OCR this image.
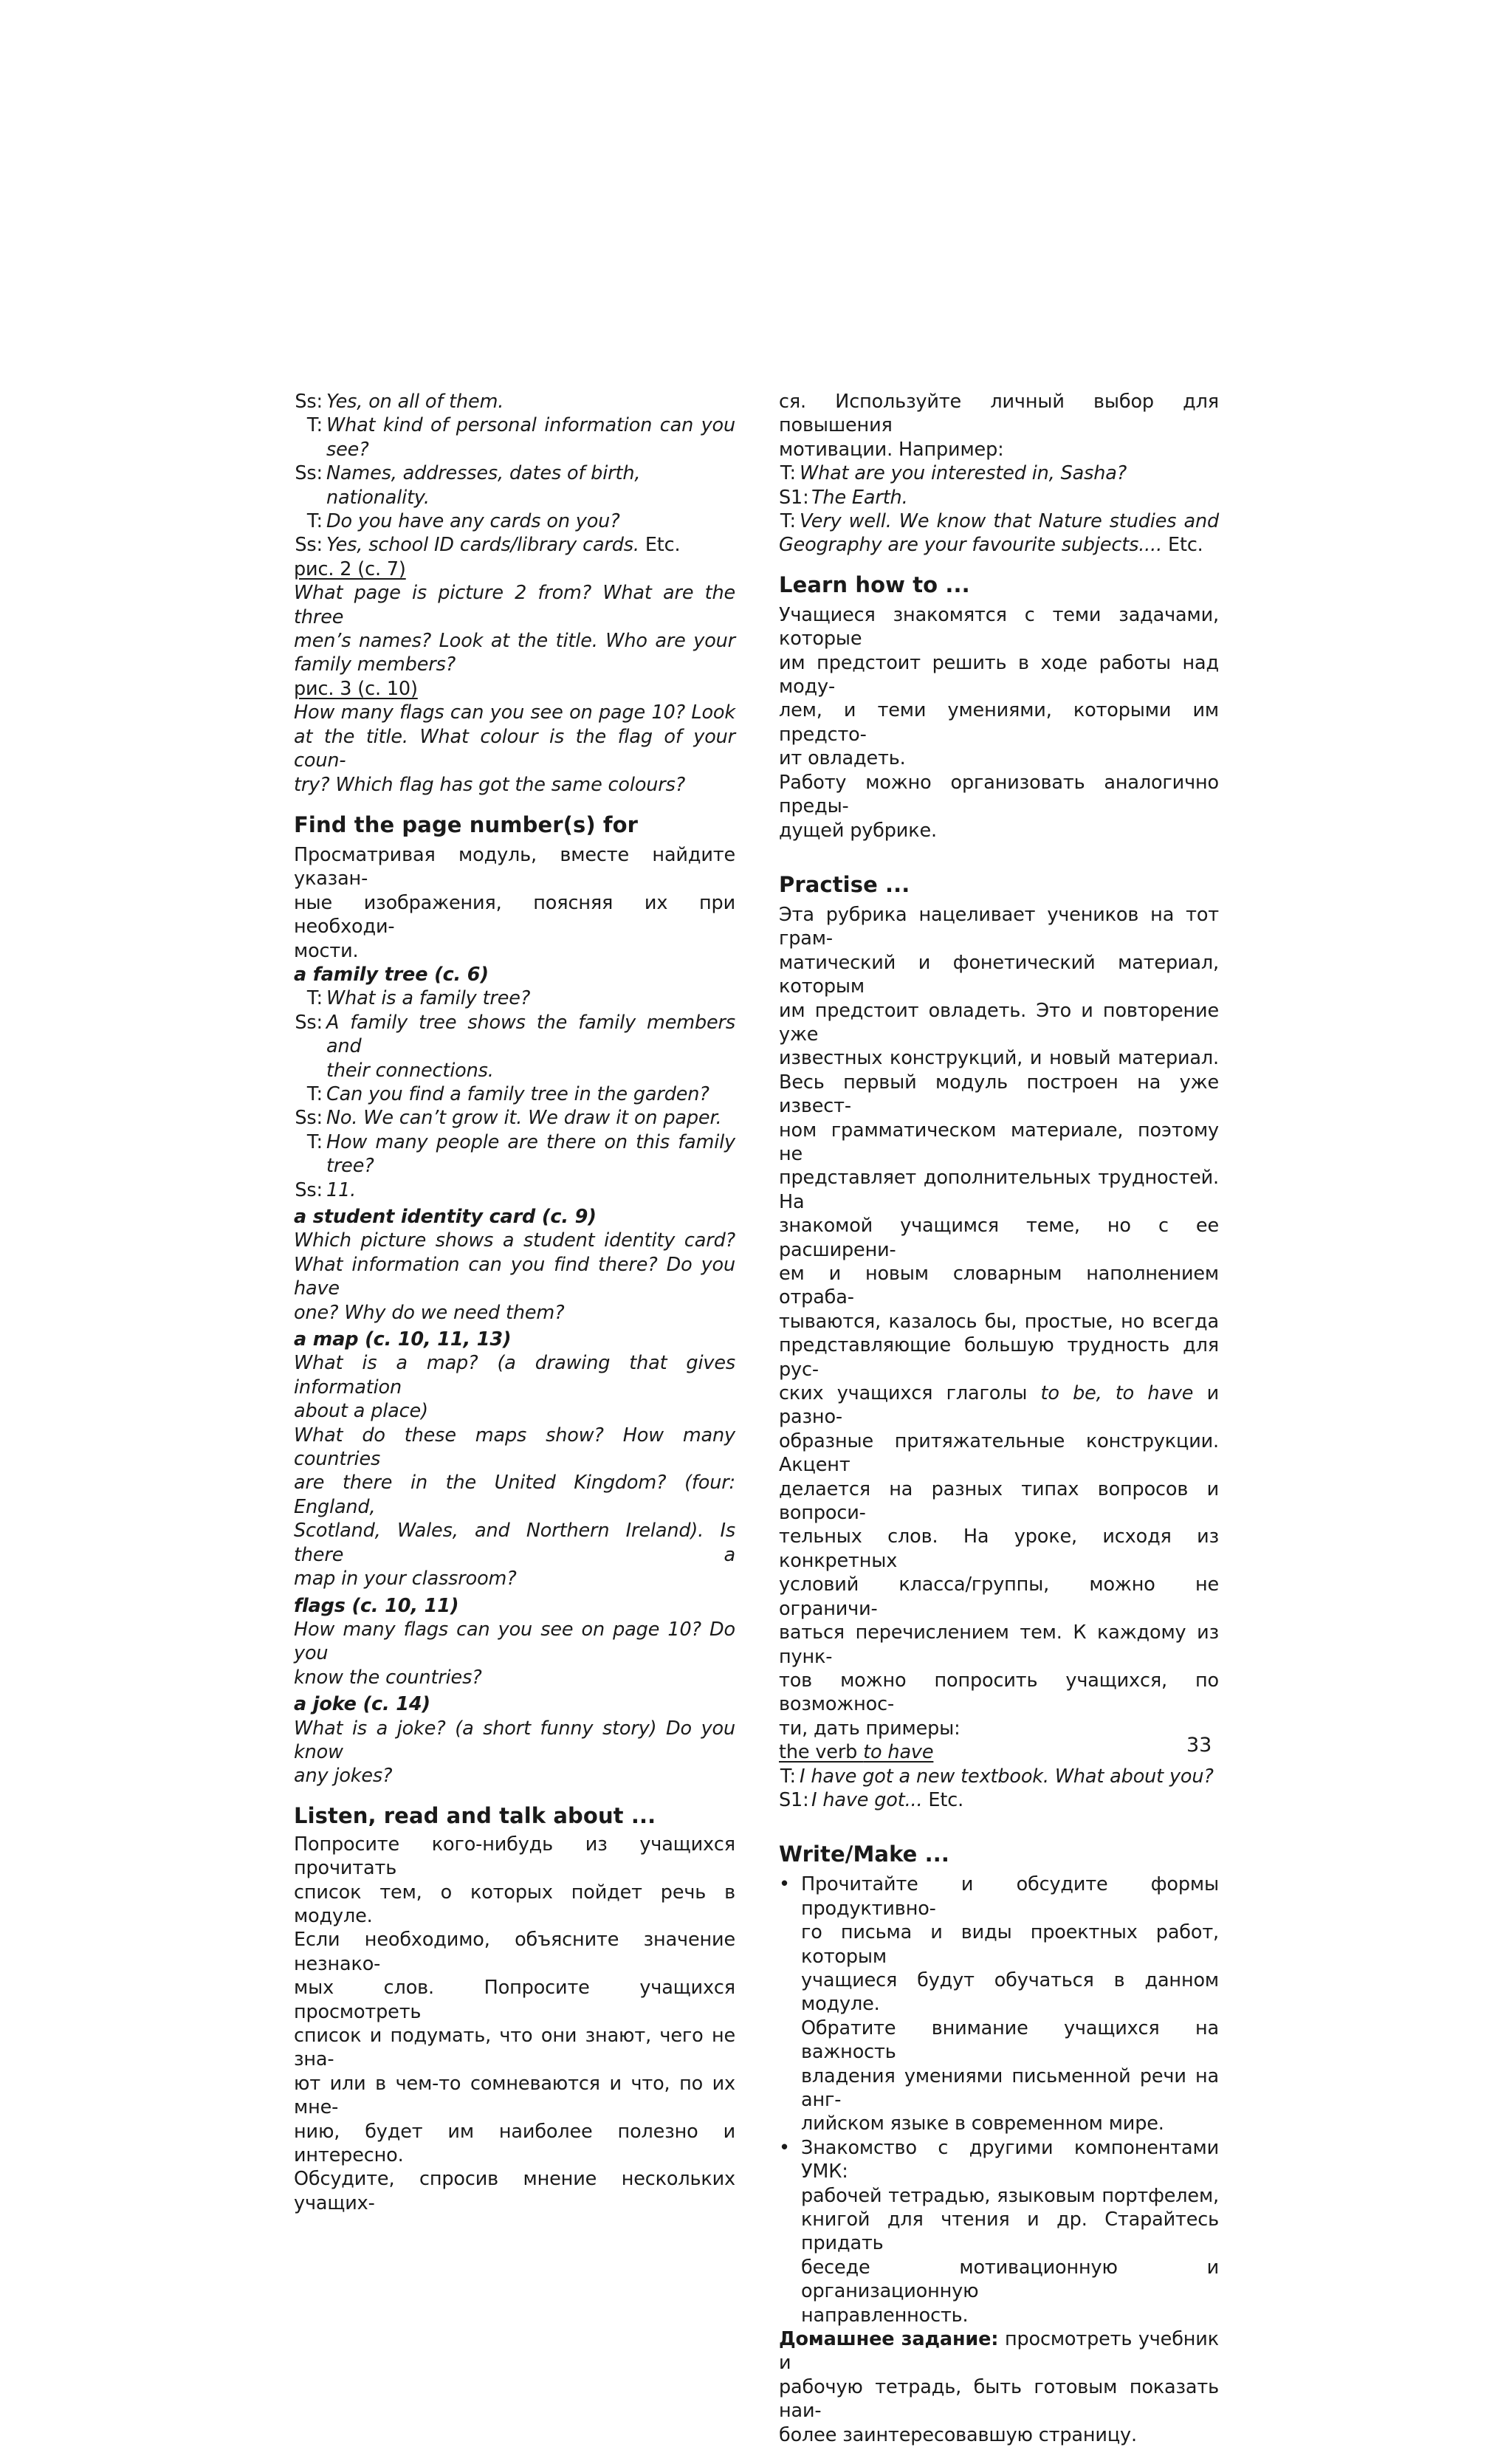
Ss: Yes, on all of them.
T: What kind of personal information can you
see?
Ss: Names, addresses, dates of birth, nationality.
T: Do you have any cards on you?
Ss: Yes, school ID cards/library cards. Etc.
рис. 2 (с. 7)
What page is picture 2 from? What are the three
men’s names? Look at the title. Who are your
family members?
рис. 3 (с. 10)
How many flags can you see on page 10? Look
at the title. What colour is the flag of your coun-
try? Which flag has got the same colours?
Find the page number(s) for
Просматривая модуль, вместе найдите указан-
ные изображения, поясняя их при необходи-
мости.
a family tree (с. 6)
T: What is a family tree?
Ss: A family tree shows the family members and
their connections.
T: Can you find a family tree in the garden?
Ss: No. We can’t grow it. We draw it on paper.
T: How many people are there on this family
tree?
Ss: 11.
a student identity card (с. 9)
Which picture shows a student identity card?
What information can you find there? Do you have
one? Why do we need them?
a map (с. 10, 11, 13)
What is a map? (a drawing that gives information
about a place)
What do these maps show? How many countries
are there in the United Kingdom? (four: England,
Scotland, Wales, and Northern Ireland). Is there a
map in your classroom?
flags (с. 10, 11)
How many flags can you see on page 10? Do you
know the countries?
a joke (с. 14)
What is a joke? (a short funny story) Do you know
any jokes?
Listen, read and talk about ...
Попросите кого-нибудь из учащихся прочитать
список тем, о которых пойдет речь в модуле.
Если необходимо, объясните значение незнако-
мых слов. Попросите учащихся просмотреть
список и подумать, что они знают, чего не зна-
ют или в чем-то сомневаются и что, по их мне-
нию, будет им наиболее полезно и интересно.
Обсудите, спросив мнение нескольких учащих-
ся. Используйте личный выбор для повышения
мотивации. Например:
T: What are you interested in, Sasha?
S1: The Earth.
T: Very well. We know that Nature studies and
Geography are your favourite subjects.... Etc.
Learn how to ...
Учащиеся знакомятся с теми задачами, которые
им предстоит решить в ходе работы над моду-
лем, и теми умениями, которыми им предсто-
ит овладеть.
Работу можно организовать аналогично преды-
дущей рубрике.
Practise ...
Эта рубрика нацеливает учеников на тот грам-
матический и фонетический материал, которым
им предстоит овладеть. Это и повторение уже
известных конструкций, и новый материал.
Весь первый модуль построен на уже извест-
ном грамматическом материале, поэтому не
представляет дополнительных трудностей. На
знакомой учащимся теме, но с ее расширени-
ем и новым словарным наполнением отраба-
тываются, казалось бы, простые, но всегда
представляющие большую трудность для рус-
ских учащихся глаголы to be, to have и разно-
образные притяжательные конструкции. Акцент
делается на разных типах вопросов и вопроси-
тельных слов. На уроке, исходя из конкретных
условий класса/группы, можно не ограничи-
ваться перечислением тем. К каждому из пунк-
тов можно попросить учащихся, по возможнос-
ти, дать примеры:
the verb to have
T: I have got a new textbook. What about you?
S1: I have got... Etc.
Write/Make ...
• Прочитайте и обсудите формы продуктивно-
го письма и виды проектных работ, которым
учащиеся будут обучаться в данном модуле.
Обратите внимание учащихся на важность
владения умениями письменной речи на анг-
лийском языке в современном мире.
• Знакомство с другими компонентами УМК:
рабочей тетрадью, языковым портфелем,
книгой для чтения и др. Старайтесь придать
беседе мотивационную и организационную
направленность.
Домашнее задание: просмотреть учебник и
рабочую тетрадь, быть готовым показать наи-
более заинтересовавшую страницу.
33
